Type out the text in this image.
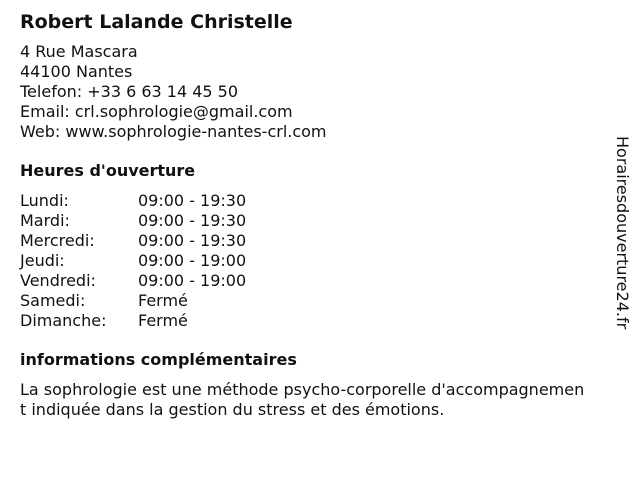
Robert Lalande Christelle
4 Rue Mascara
44100 Nantes
Telefon: +33 6 63 14 45 50
Email: crl.sophrologie@gmail.com
Web: www.sophrologie-nantes-crl.com
Heures d'ouverture
Lundi:	09:00 - 19:30
Mardi:	09:00 - 19:30
Mercredi:	09:00 - 19:30
Jeudi:	09:00 - 19:00
Vendredi:	09:00 - 19:00
Samedi:	Fermé
Dimanche:	Fermé
informations complémentaires
La sophrologie est une méthode psycho-corporelle d'accompagnement indiquée dans la gestion du stress et des émotions.
Horairesdouverture24.fr
